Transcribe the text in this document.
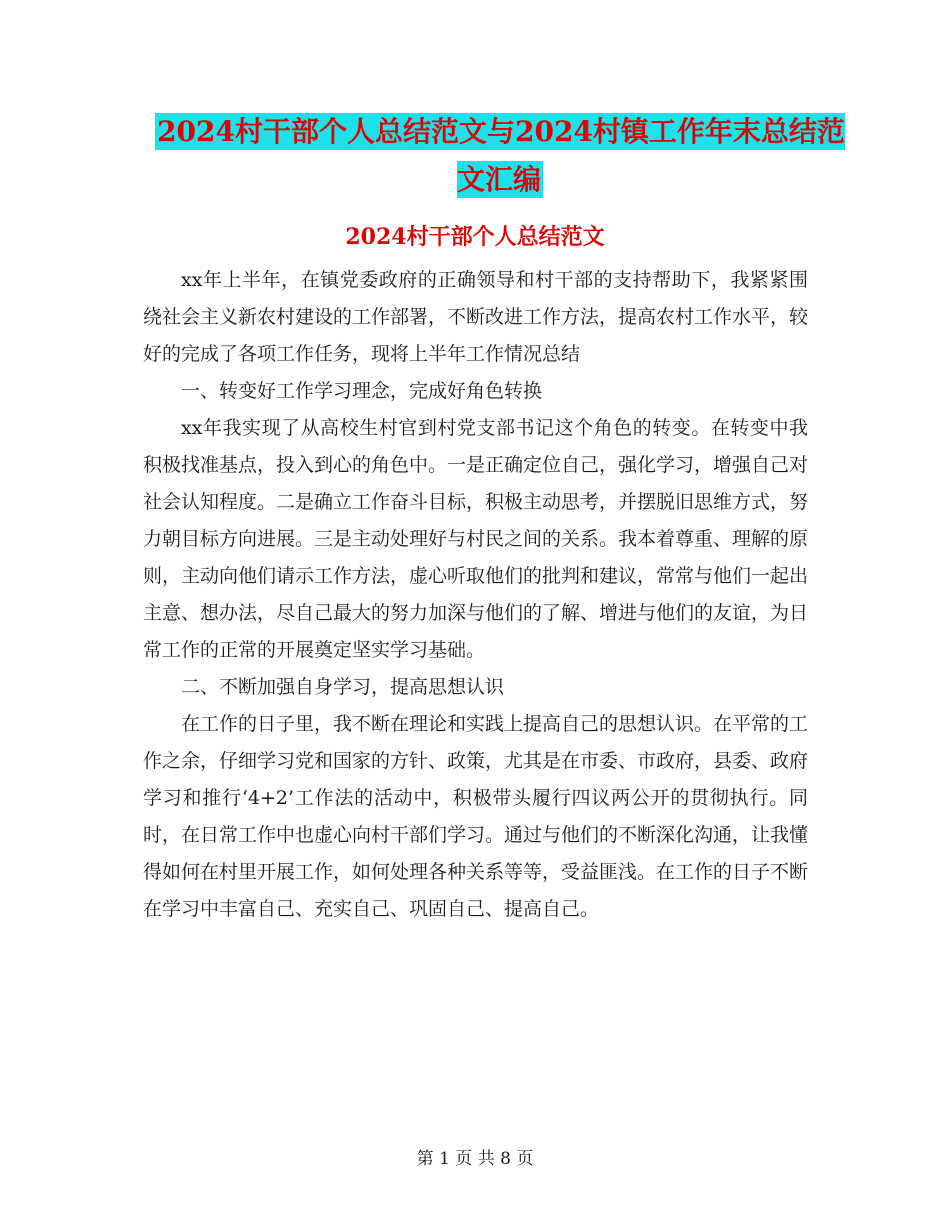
2024村干部个人总结范文与2024村镇工作年末总结范文汇编
2024村干部个人总结范文

xx年上半年，在镇党委政府的正确领导和村干部的支持帮助下，我紧紧围绕社会主义新农村建设的工作部署，不断改进工作方法，提高农村工作水平，较好的完成了各项工作任务，现将上半年工作情况总结

一、转变好工作学习理念，完成好角色转换

xx年我实现了从高校生村官到村党支部书记这个角色的转变。在转变中我积极找准基点，投入到心的角色中。一是正确定位自己，强化学习，增强自己对社会认知程度。二是确立工作奋斗目标，积极主动思考，并摆脱旧思维方式，努力朝目标方向进展。三是主动处理好与村民之间的关系。我本着尊重、理解的原则，主动向他们请示工作方法，虚心听取他们的批判和建议，常常与他们一起出主意、想办法，尽自己最大的努力加深与他们的了解、增进与他们的友谊，为日常工作的正常的开展奠定坚实学习基础。

二、不断加强自身学习，提高思想认识

在工作的日子里，我不断在理论和实践上提高自己的思想认识。在平常的工作之余，仔细学习党和国家的方针、政策，尤其是在市委、市政府，县委、政府学习和推行‘4+2’工作法的活动中，积极带头履行四议两公开的贯彻执行。同时，在日常工作中也虚心向村干部们学习。通过与他们的不断深化沟通，让我懂得如何在村里开展工作，如何处理各种关系等等，受益匪浅。在工作的日子不断在学习中丰富自己、充实自己、巩固自己、提高自己。

第 1 页 共 8 页
